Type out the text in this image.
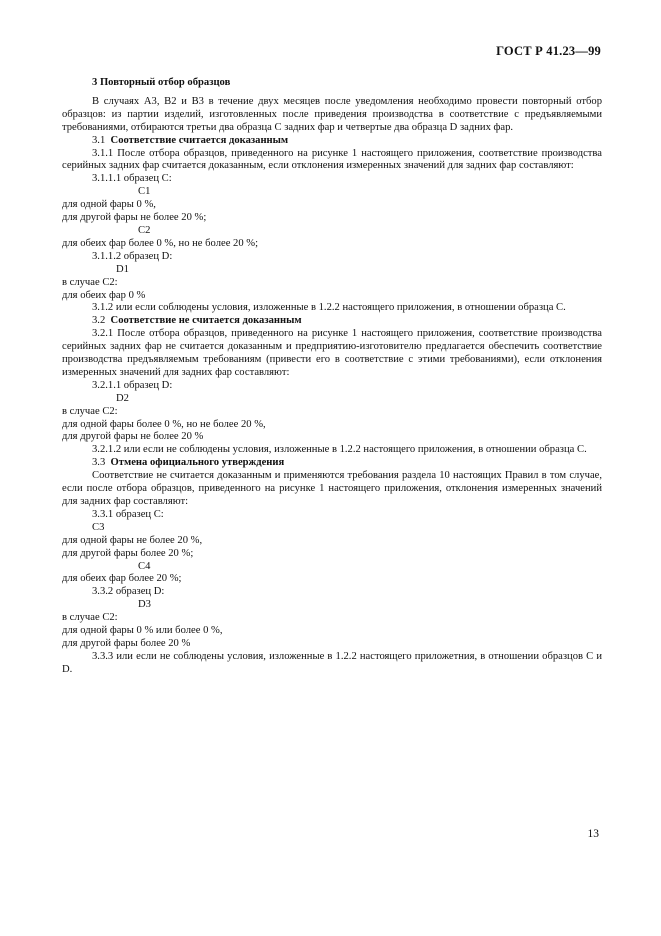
ГОСТ Р 41.23—99

3 Повторный отбор образцов

В случаях А3, В2 и В3 в течение двух месяцев после уведомления необходимо провести повторный отбор образцов: из партии изделий, изготовленных после приведения производства в соответствие с предъявляемыми требованиями, отбираются третьи два образца С задних фар и четвертые два образца D задних фар.

3.1 Соответствие считается доказанным

3.1.1 После отбора образцов, приведенного на рисунке 1 настоящего приложения, соответствие производства серийных задних фар считается доказанным, если отклонения измеренных значений для задних фар составляют:

3.1.1.1 образец С:

C1

для одной фары 0 %,

для другой фары не более 20 %;

C2

для обеих фар более 0 %, но не более 20 %;

3.1.1.2 образец D:

D1

в случае С2:

для обеих фар 0 %

3.1.2 или если соблюдены условия, изложенные в 1.2.2 настоящего приложения, в отношении образца С.

3.2 Соответствие не считается доказанным

3.2.1 После отбора образцов, приведенного на рисунке 1 настоящего приложения, соответствие производства серийных задних фар не считается доказанным и предприятию-изготовителю предлагается обеспечить соответствие производства предъявляемым требованиям (привести его в соответствие с этими требованиями), если отклонения измеренных значений для задних фар составляют:

3.2.1.1 образец D:

D2

в случае С2:

для одной фары более 0 %, но не более 20 %,

для другой фары не более 20 %

3.2.1.2 или если не соблюдены условия, изложенные в 1.2.2 настоящего приложения, в отношении образца С.

3.3 Отмена официального утверждения

Соответствие не считается доказанным и применяются требования раздела 10 настоящих Правил в том случае, если после отбора образцов, приведенного на рисунке 1 настоящего приложения, отклонения измеренных значений для задних фар составляют:

3.3.1 образец С:

C3

для одной фары не более 20 %,

для другой фары более 20 %;

C4

для обеих фар более 20 %;

3.3.2 образец D:

D3

в случае С2:

для одной фары 0 % или более 0 %,

для другой фары более 20 %

3.3.3 или если не соблюдены условия, изложенные в 1.2.2 настоящего приложетния, в отношении образцов С и D.

13
